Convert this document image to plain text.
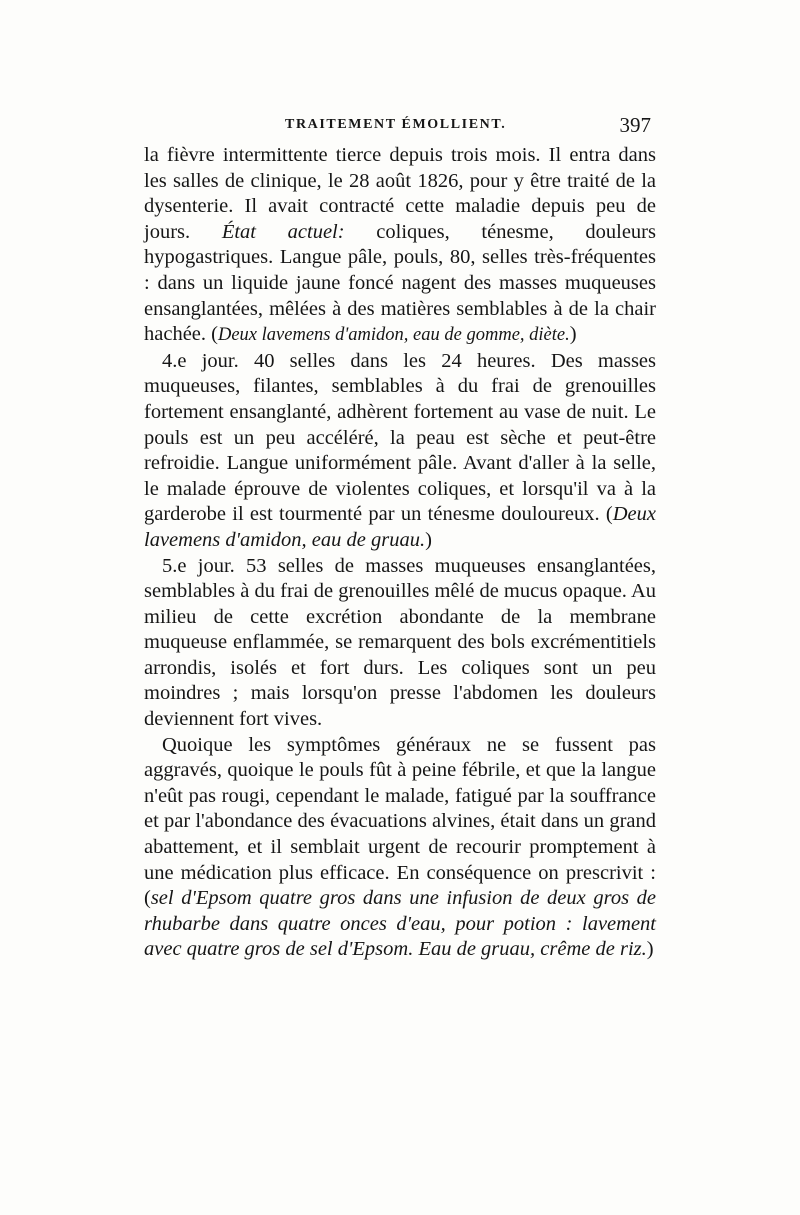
TRAITEMENT ÉMOLLIENT.	397

la fièvre intermittente tierce depuis trois mois. Il entra dans les salles de clinique, le 28 août 1826, pour y être traité de la dysenterie. Il avait contracté cette maladie depuis peu de jours. État actuel: coliques, ténesme, douleurs hypogastriques. Langue pâle, pouls, 80, selles très-fréquentes : dans un liquide jaune foncé nagent des masses muqueuses ensanglantées, mêlées à des matières semblables à de la chair hachée. (Deux lavemens d'amidon, eau de gomme, diète.)

4.e jour. 40 selles dans les 24 heures. Des masses muqueuses, filantes, semblables à du frai de grenouilles fortement ensanglanté, adhèrent fortement au vase de nuit. Le pouls est un peu accéléré, la peau est sèche et peut-être refroidie. Langue uniformément pâle. Avant d'aller à la selle, le malade éprouve de violentes coliques, et lorsqu'il va à la garderobe il est tourmenté par un ténesme douloureux. (Deux lavemens d'amidon, eau de gruau.)

5.e jour. 53 selles de masses muqueuses ensanglantées, semblables à du frai de grenouilles mêlé de mucus opaque. Au milieu de cette excrétion abondante de la membrane muqueuse enflammée, se remarquent des bols excrémentitiels arrondis, isolés et fort durs. Les coliques sont un peu moindres ; mais lorsqu'on presse l'abdomen les douleurs deviennent fort vives.

Quoique les symptômes généraux ne se fussent pas aggravés, quoique le pouls fût à peine fébrile, et que la langue n'eût pas rougi, cependant le malade, fatigué par la souffrance et par l'abondance des évacuations alvines, était dans un grand abattement, et il semblait urgent de recourir promptement à une médication plus efficace. En conséquence on prescrivit : (sel d'Epsom quatre gros dans une infusion de deux gros de rhubarbe dans quatre onces d'eau, pour potion : lavement avec quatre gros de sel d'Epsom. Eau de gruau, crême de riz.)
